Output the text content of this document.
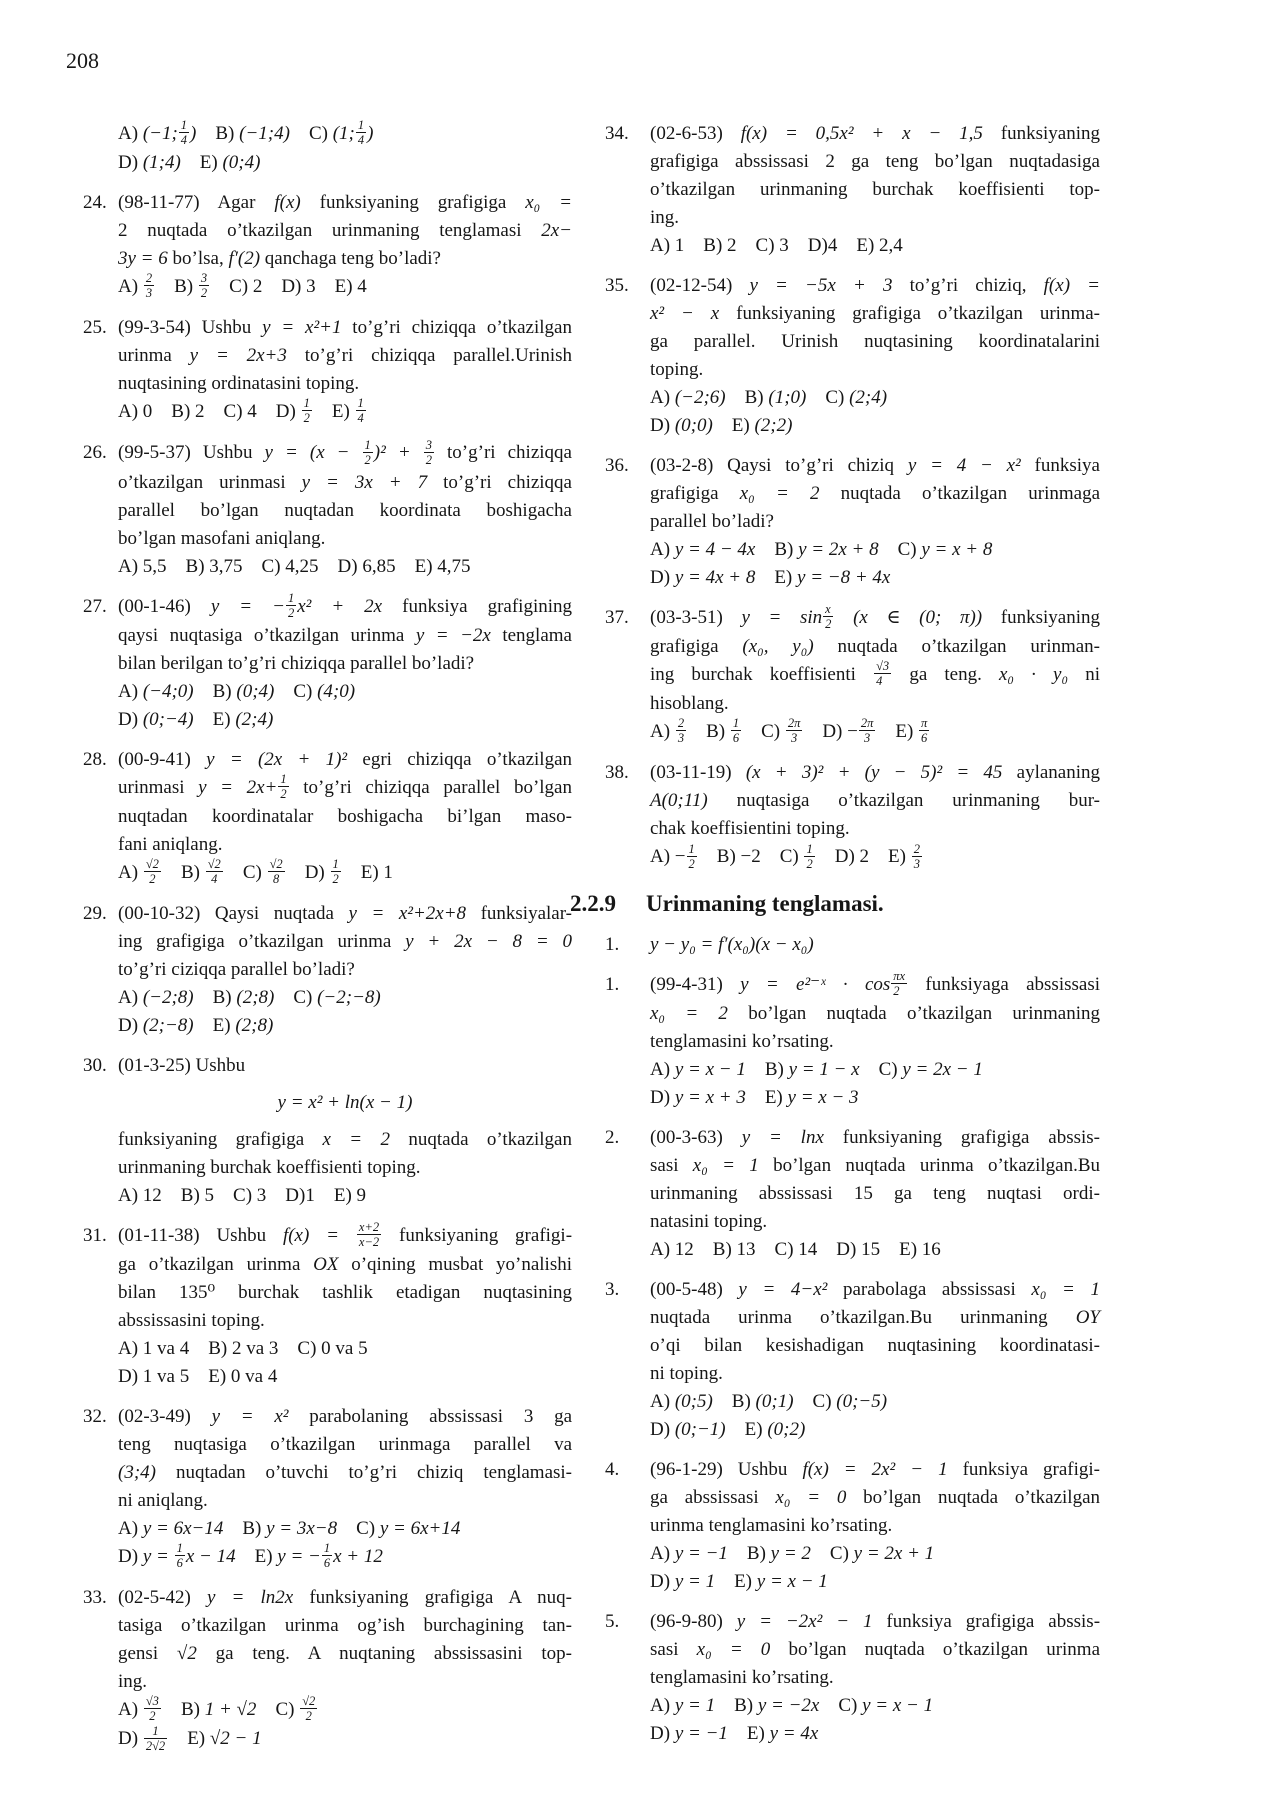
208
A) (−1; $\frac{1}{4}$ ) B) (−1;4) C) (1; $\frac{1}{4}$ )
D) (1;4) E) (0;4)
24. (98-11-77) Agar f(x) funksiyaning grafigiga x₀ =
2 nuqtada o’tkazilgan urinmaning tenglamasi 2x−
3y = 6 bo’lsa, f′(2) qanchaga teng bo’ladi?
$A) \frac{2}{3}$  $B) \frac{3}{2}$  C) 2 D) 3 E) 4
25. (99-3-54) Ushbu y = x²+1 to’g’ri chiziqqa o’tkazilgan
urinma y = 2x+3 to’g’ri chiziqqa parallel.Urinish
nuqtasining ordinatasini toping.
A) 0 B) 2 C) 4 $D) \frac{1}{2}$  $E) \frac{1}{4}$
26. (99-5-37) Ushbu $y = (x - \frac{1}{2} )^2 + \frac{3}{2}$ to’g’ri chiziqqa
o’tkazilgan urinmasi y = 3x + 7 to’g’ri chiziqqa
parallel bo’lgan nuqtadan koordinata boshigacha
bo’lgan masofani aniqlang.
A) 5,5 B) 3,75 C) 4,25 D) 6,85 E) 4,75
27. (00-1-46) y = − $\frac{1}{2} x^2 + 2x$ funksiya grafigining
qaysi nuqtasiga o’tkazilgan urinma y = −2x tenglama
bilan berilgan to’g’ri chiziqqa parallel bo’ladi?
A) (−4;0) B) (0;4) C) (4;0)
D) (0;−4) E) (2;4)
28. (00-9-41) y = (2x + 1)² egri chiziqqa o’tkazilgan
urinmasi $y = 2x+ \frac{1}{2}$ to’g’ri chiziqqa parallel bo’lgan
nuqtadan koordinatalar boshigacha bi’lgan maso-
fani aniqlang.
$A) \frac{√2}{2}$  $B) \frac{√2}{4}$  $C) \frac{√2}{8}$  $D) \frac{1}{2}$  E) 1
29. (00-10-32) Qaysi nuqtada y = x²+2x+8 funksiyalar-
ing grafigiga o’tkazilgan urinma y + 2x − 8 = 0
to’g’ri ciziqqa parallel bo’ladi?
A) (−2;8) B) (2;8) C) (−2;−8)
D) (2;−8) E) (2;8)
30. (01-3-25) Ushbu
y = x² + ln(x − 1)
funksiyaning grafigiga x = 2 nuqtada o’tkazilgan
urinmaning burchak koeffisienti toping.
A) 12 B) 5 C) 3 D)1 E) 9
31. (01-11-38) Ushbu $f(x) = \frac{x+2}{x-2}$ funksiyaning grafigi-
ga o’tkazilgan urinma OX o’qining musbat yo’nalishi
bilan 135⁰ burchak tashlik etadigan nuqtasining
abssissasini toping.
A) 1 va 4 B) 2 va 3 C) 0 va 5
D) 1 va 5 E) 0 va 4
32. (02-3-49) y = x² parabolaning abssissasi 3 ga
teng nuqtasiga o’tkazilgan urinmaga parallel va
(3;4) nuqtadan o’tuvchi to’g’ri chiziq tenglamasi-
ni aniqlang.
A) y = 6x−14 B) y = 3x−8 C) y = 6x+14
D) $y = \frac{1}{6}$ x − 14 E) y = − $\frac{1}{6}$ x + 12
33. (02-5-42) y = ln2x funksiyaning grafigiga A nuq-
tasiga o’tkazilgan urinma og’ish burchagining tan-
gensi √2 ga teng. A nuqtaning abssissasini top-
ing.
$A) \frac{√3}{2}$  B) 1 + √2 $C) \frac{√2}{2}$
$D) \frac{1}{2√2}$  E) √2 − 1
34. (02-6-53) f(x) = 0,5x² + x − 1,5 funksiyaning
grafigiga abssissasi 2 ga teng bo’lgan nuqtadasiga
o’tkazilgan urinmaning burchak koeffisienti top-
ing.
A) 1 B) 2 C) 3 D)4 E) 2,4
35. (02-12-54) y = −5x + 3 to’g’ri chiziq, f(x) =
x² − x funksiyaning grafigiga o’tkazilgan urinma-
ga parallel. Urinish nuqtasining koordinatalarini
toping.
A) (−2;6) B) (1;0) C) (2;4)
D) (0;0) E) (2;2)
36. (03-2-8) Qaysi to’g’ri chiziq y = 4 − x² funksiya
grafigiga x₀ = 2 nuqtada o’tkazilgan urinmaga
parallel bo’ladi?
A) y = 4 − 4x B) y = 2x + 8 C) y = x + 8
D) y = 4x + 8 E) y = −8 + 4x
37. (03-3-51) $y = \sin \frac{x}{2} (x$ ∈ (0; π)) funksiyaning
grafigiga (x₀, y₀) nuqtada o’tkazilgan urinman-
ing burchak koeffisienti $\frac{√3}{4}$ ga teng. x₀ · y₀ ni
hisoblang.
$A) \frac{2}{3}$  $B) \frac{1}{6}$  $C) \frac{2\pi}{3}$  $D) - \frac{2\pi}{3}$  $E) \frac{\pi}{6}$
38. (03-11-19) (x + 3)² + (y − 5)² = 45 aylananing
A(0;11) nuqtasiga o’tkazilgan urinmaning bur-
chak koeffisientini toping.
$A) - \frac{1}{2}$  B) −2 $C) \frac{1}{2}$  D) 2 $E) \frac{2}{3}$
2.2.9 Urinmaning tenglamasi.
1. y − y₀ = f′(x₀)(x − x₀)
1. (99-4-31) y = e²⁻ˣ · $\cos \frac{\pi x}{2}$ funksiyaga abssissasi
x₀ = 2 bo’lgan nuqtada o’tkazilgan urinmaning
tenglamasini ko’rsating.
A) y = x − 1 B) y = 1 − x C) y = 2x − 1
D) y = x + 3 E) y = x − 3
2. (00-3-63) y = lnx funksiyaning grafigiga abssis-
sasi x₀ = 1 bo’lgan nuqtada urinma o’tkazilgan.Bu
urinmaning abssissasi 15 ga teng nuqtasi ordi-
natasini toping.
A) 12 B) 13 C) 14 D) 15 E) 16
3. (00-5-48) y = 4−x² parabolaga abssissasi x₀ = 1
nuqtada urinma o’tkazilgan.Bu urinmaning OY
o’qi bilan kesishadigan nuqtasining koordinatasi-
ni toping.
A) (0;5) B) (0;1) C) (0;−5)
D) (0;−1) E) (0;2)
4. (96-1-29) Ushbu f(x) = 2x² − 1 funksiya grafigi-
ga abssissasi x₀ = 0 bo’lgan nuqtada o’tkazilgan
urinma tenglamasini ko’rsating.
A) y = −1 B) y = 2 C) y = 2x + 1
D) y = 1 E) y = x − 1
5. (96-9-80) y = −2x² − 1 funksiya grafigiga abssis-
sasi x₀ = 0 bo’lgan nuqtada o’tkazilgan urinma
tenglamasini ko’rsating.
A) y = 1 B) y = −2x C) y = x − 1
D) y = −1 E) y = 4x
